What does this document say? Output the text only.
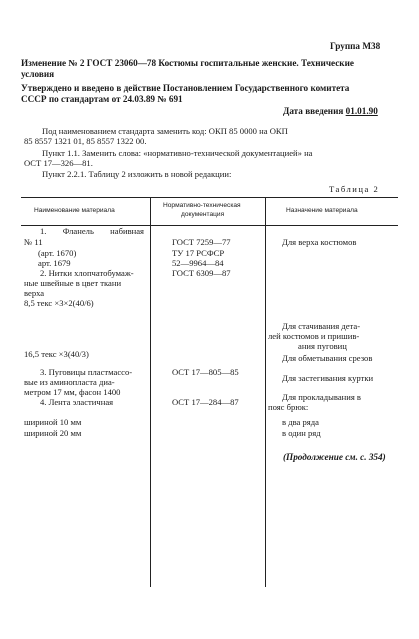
Группа М38
Изменение № 2 ГОСТ 23060—78 Костюмы госпитальные женские. Технические
условия
Утверждено и введено в действие Постановлением Государственного комитета
СССР по стандартам от 24.03.89 № 691
Дата введения 01.01.90
Под наименованием стандарта заменить код: ОКП 85 0000 на ОКП
85 8557 1321 01, 85 8557 1322 00.
Пункт 1.1. Заменить слова: «нормативно-технической документацией» на
ОСТ 17—326—81.
Пункт 2.2.1. Таблицу 2 изложить в новой редакции:
Таблица 2
Наименование материала
Нормативно-техническая
документация
Назначение материала
1. Фланель набивная
№ 11
(арт. 1670)
арт. 1679
2. Нитки хлопчатобумаж-
ные швейные в цвет ткани
верха
8,5 текс ×3×2(40/6)
16,5 текс ×3(40/3)
3. Пуговицы пластмассо-
вые из аминопласта диа-
метром 17 мм, фасон 1400
4. Лента эластичная
шириной 10 мм
шириной 20 мм
ГОСТ 7259—77
ТУ 17 РСФСР
52—9964—84
ГОСТ 6309—87
ОСТ 17—805—85
ОСТ 17—284—87
Для верха костюмов
Для стачивания дета-
лей костюмов и пришив-
ания пуговиц
Для обметывания срезов
Для застегивания куртки
Для прокладывания в
пояс брюк:
в два ряда
в один ряд
(Продолжение см. с. 354)
